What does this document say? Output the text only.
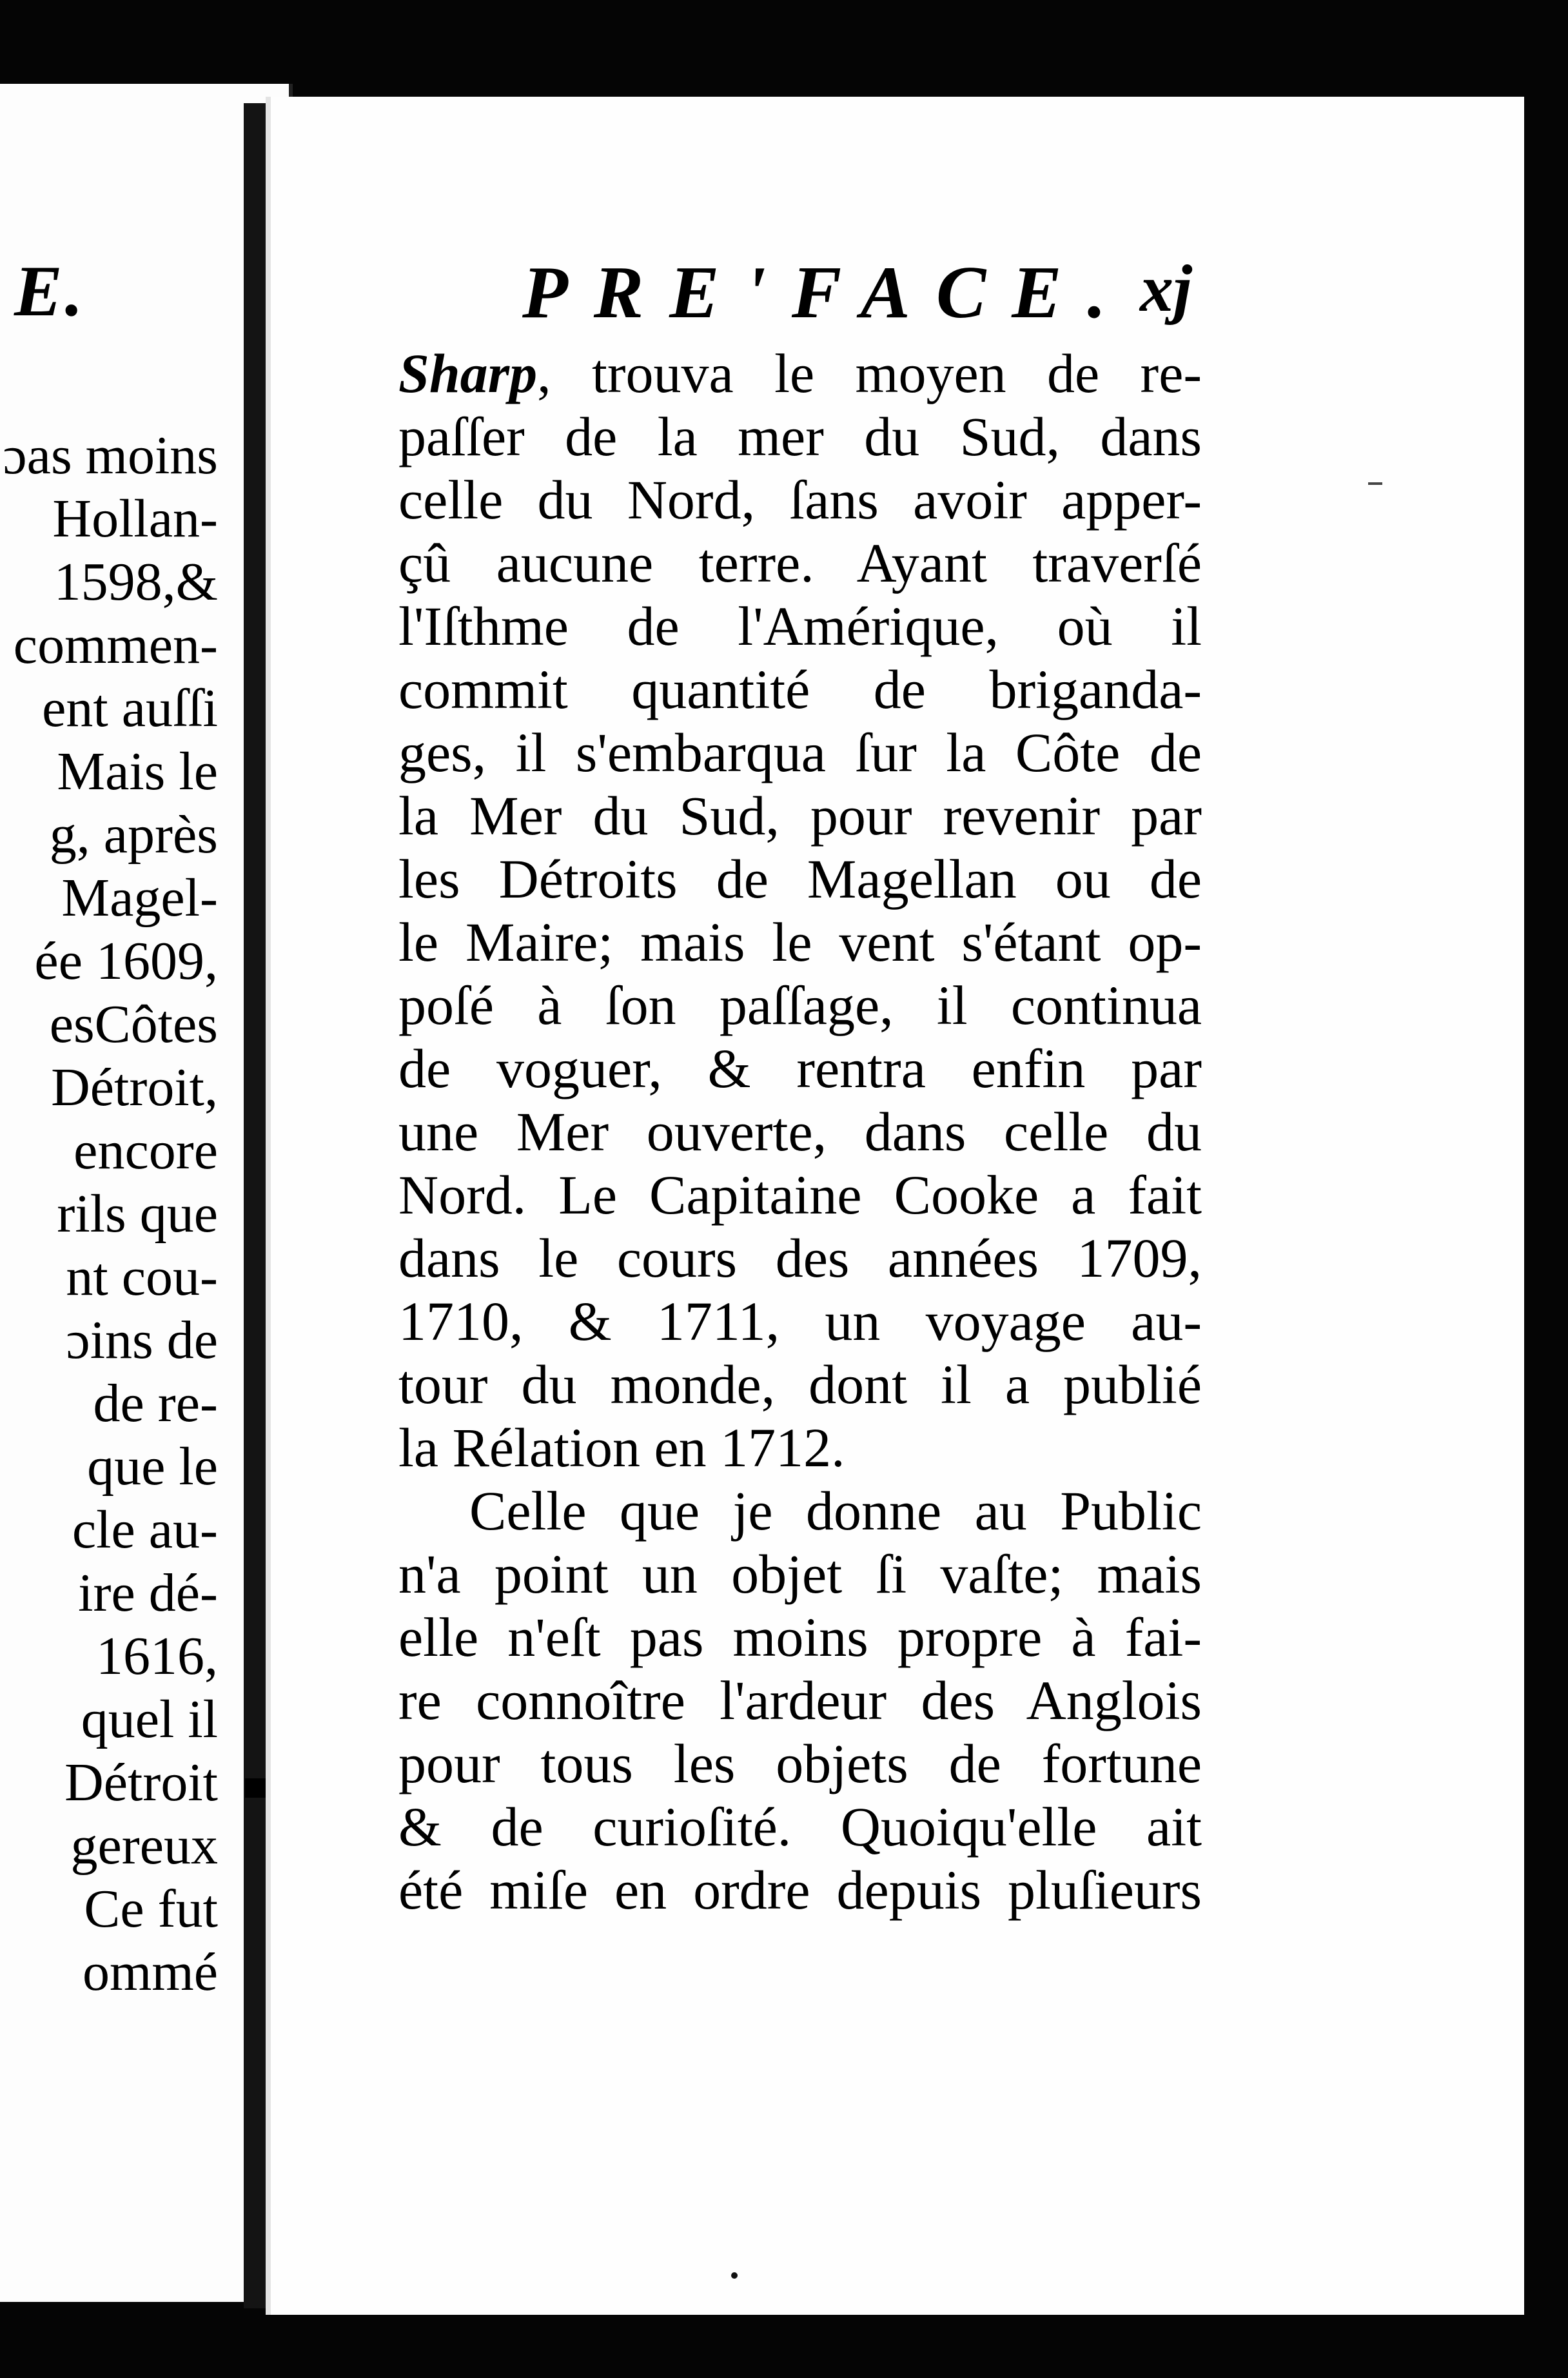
E.
ɔas moins
Hollan-
1598,&
commen-
ent auſſi
Mais le
g, après
Magel-
ée 1609,
esCôtes
Détroit,
encore
rils que
nt cou-
ɔins de
de re-
que le
cle au-
ire dé-
1616,
quel il
Détroit
gereux
Ce fut
ommé
PRE'FACE. xj
Sharp, trouva le moyen de re-
paſſer de la mer du Sud, dans
celle du Nord, ſans avoir apper-
çû aucune terre. Ayant traverſé
l'Iſthme de l'Amérique, où il
commit quantité de briganda-
ges, il s'embarqua ſur la Côte de
la Mer du Sud, pour revenir par
les Détroits de Magellan ou de
le Maire; mais le vent s'étant op-
poſé à ſon paſſage, il continua
de voguer, & rentra enfin par
une Mer ouverte, dans celle du
Nord. Le Capitaine Cooke a fait
dans le cours des années 1709,
1710, & 1711, un voyage au-
tour du monde, dont il a publié
la Rélation en 1712.
Celle que je donne au Public
n'a point un objet ſi vaſte; mais
elle n'eſt pas moins propre à fai-
re connoître l'ardeur des Anglois
pour tous les objets de fortune
& de curioſité. Quoiqu'elle ait
été miſe en ordre depuis pluſieurs
